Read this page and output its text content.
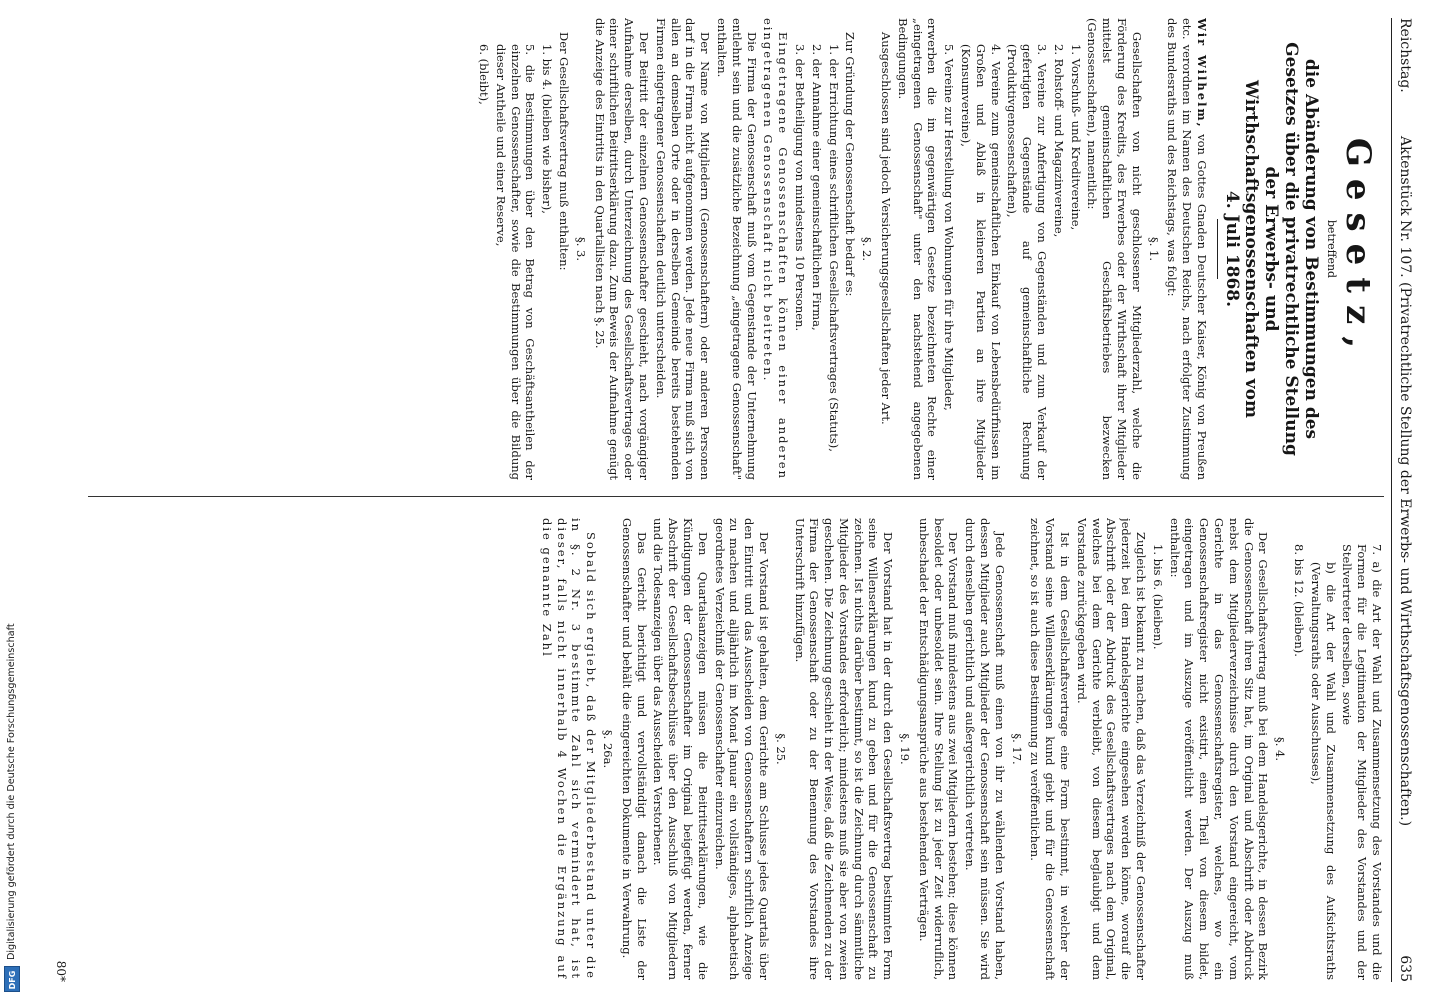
Reichstag.
Aktenstück Nr. 107. (Privatrechtliche Stellung der Erwerbs- und Wirthschaftsgenossenschaften.)
635
Gesetz,
betreffend
die Abänderung von Bestimmungen des Gesetzes über die privatrechtliche Stellung der Erwerbs- und Wirthschaftsgenossenschaften vom
4. Juli 1868.

Wir Wilhelm, von Gottes Gnaden Deutscher Kaiser, König von Preußen etc. verordnen im Namen des Deutschen Reichs, nach erfolgter Zustimmung des Bundesraths und des Reichstags, was folgt:

§. 1.

Gesellschaften von nicht geschlossener Mitgliederzahl, welche die Förderung des Kredits, des Erwerbes oder der Wirthschaft ihrer Mitglieder mittelst gemeinschaftlichen Geschäftsbetriebes bezwecken (Genossenschaften), namentlich:

1. Vorschuß- und Kreditvereine,

2. Rohstoff- und Magazinvereine,

3. Vereine zur Anfertigung von Gegenständen und zum Verkauf der gefertigten Gegenstände auf gemeinschaftliche Rechnung (Produktivgenossenschaften),

4. Vereine zum gemeinschaftlichen Einkauf von Lebensbedürfnissen im Großen und Ablaß in kleineren Partien an ihre Mitglieder (Konsumvereine),

5. Vereine zur Herstellung von Wohnungen für ihre Mitglieder,

erwerben die im gegenwärtigen Gesetze bezeichneten Rechte einer „eingetragenen Genossenschaft" unter den nachstehend angegebenen Bedingungen.

Ausgeschlossen sind jedoch Versicherungsgesellschaften jeder Art.

§. 2.

Zur Gründung der Genossenschaft bedarf es:

1. der Errichtung eines schriftlichen Gesellschaftsvertrages (Statuts),

2. der Annahme einer gemeinschaftlichen Firma,

3. der Betheiligung von mindestens 10 Personen.

Eingetragene Genossenschaften können einer anderen eingetragenen Genossenschaft nicht beitreten.

Die Firma der Genossenschaft muß vom Gegenstande der Unternehmung entlehnt sein und die zusätzliche Bezeichnung „eingetragene Genossenschaft" enthalten.

Der Name von Mitgliedern (Genossenschaftern) oder anderen Personen darf in die Firma nicht aufgenommen werden. Jede neue Firma muß sich von allen an demselben Orte oder in derselben Gemeinde bereits bestehenden Firmen eingetragener Genossenschaften deutlich unterscheiden.

Der Beitritt der einzelnen Genossenschafter geschieht, nach vorgängiger Aufnahme derselben, durch Unterzeichnung des Gesellschaftsvertrages oder einer schriftlichen Beitrittserklärung dazu. Zum Beweis der Aufnahme genügt die Anzeige des Eintritts in den Quartallisten nach §. 25.

§. 3.

Der Gesellschaftsvertrag muß enthalten:

1. bis 4. (bleiben wie bisher),

5. die Bestimmungen über den Betrag von Geschäftsantheilen der einzelnen Genossenschafter, sowie die Bestimmungen über die Bildung dieser Antheile und einer Reserve,

6. (bleibt),

7. a) die Art der Wahl und Zusammensetzung des Vorstandes und die Formen für die Legitimation der Mitglieder des Vorstandes und der Stellvertreter derselben, sowie

b) die Art der Wahl und Zusammensetzung des Aufsichtsraths (Verwaltungsraths oder Ausschusses),

8. bis 12. (bleiben).

§. 4.

Der Gesellschaftsvertrag muß bei dem Handelsgerichte, in dessen Bezirk die Genossenschaft ihren Sitz hat, im Original und Abschrift oder Abdruck nebst dem Mitgliederverzeichnisse durch den Vorstand eingereicht, vom Gerichte in das Genossenschaftsregister, welches, wo ein Genossenschaftsregister nicht existirt, einen Theil von diesem bildet, eingetragen und im Auszuge veröffentlicht werden. Der Auszug muß enthalten:

1. bis 6. (bleiben).

Zugleich ist bekannt zu machen, daß das Verzeichniß der Genossenschafter jederzeit bei dem Handelsgerichte eingesehen werden könne, worauf die Abschrift oder der Abdruck des Gesellschaftsvertrages nach dem Original, welches bei dem Gerichte verbleibt, von diesem beglaubigt und dem Vorstande zurückgegeben wird.

Ist in dem Gesellschaftsvertrage eine Form bestimmt, in welcher der Vorstand seine Willenserklärungen kund giebt und für die Genossenschaft zeichnet, so ist auch diese Bestimmung zu veröffentlichen.

§. 17.

Jede Genossenschaft muß einen von ihr zu wählenden Vorstand haben, dessen Mitglieder auch Mitglieder der Genossenschaft sein müssen. Sie wird durch denselben gerichtlich und außergerichtlich vertreten.

Der Vorstand muß mindestens aus zwei Mitgliedern bestehen; diese können besoldet oder unbesoldet sein. Ihre Stellung ist zu jeder Zeit widerruflich, unbeschadet der Entschädigungsansprüche aus bestehenden Verträgen.

§. 19.

Der Vorstand hat in der durch den Gesellschaftsvertrag bestimmten Form seine Willenserklärungen kund zu geben und für die Genossenschaft zu zeichnen. Ist nichts darüber bestimmt, so ist die Zeichnung durch sämmtliche Mitglieder des Vorstandes erforderlich; mindestens muß sie aber von zweien geschehen. Die Zeichnung geschieht in der Weise, daß die Zeichnenden zu der Firma der Genossenschaft oder zu der Benennung des Vorstandes ihre Unterschrift hinzufügen.

§. 25.

Der Vorstand ist gehalten, dem Gerichte am Schlusse jedes Quartals über den Eintritt und das Ausscheiden von Genossenschaftern schriftlich Anzeige zu machen und alljährlich im Monat Januar ein vollständiges, alphabetisch geordnetes Verzeichniß der Genossenschafter einzureichen.

Den Quartalsanzeigen müssen die Beitrittserklärungen, wie die Kündigungen der Genossenschafter im Original beigefügt werden, ferner Abschrift der Gesellschaftsbeschlüsse über den Ausschluß von Mitgliedern und die Todesanzeigen über das Ausscheiden Verstorbener.

Das Gericht berichtigt und vervollständigt danach die Liste der Genossenschafter und behält die eingereichten Dokumente in Verwahrung.

§. 26a.

Sobald sich ergiebt, daß der Mitgliederbestand unter die in §. 2 Nr. 3 bestimmte Zahl sich vermindert hat, ist dieser, falls nicht innerhalb 4 Wochen die Ergänzung auf die genannte Zahl

80*
Digitalisierung gefördert durch die Deutsche Forschungsgemeinschaft
DFG
